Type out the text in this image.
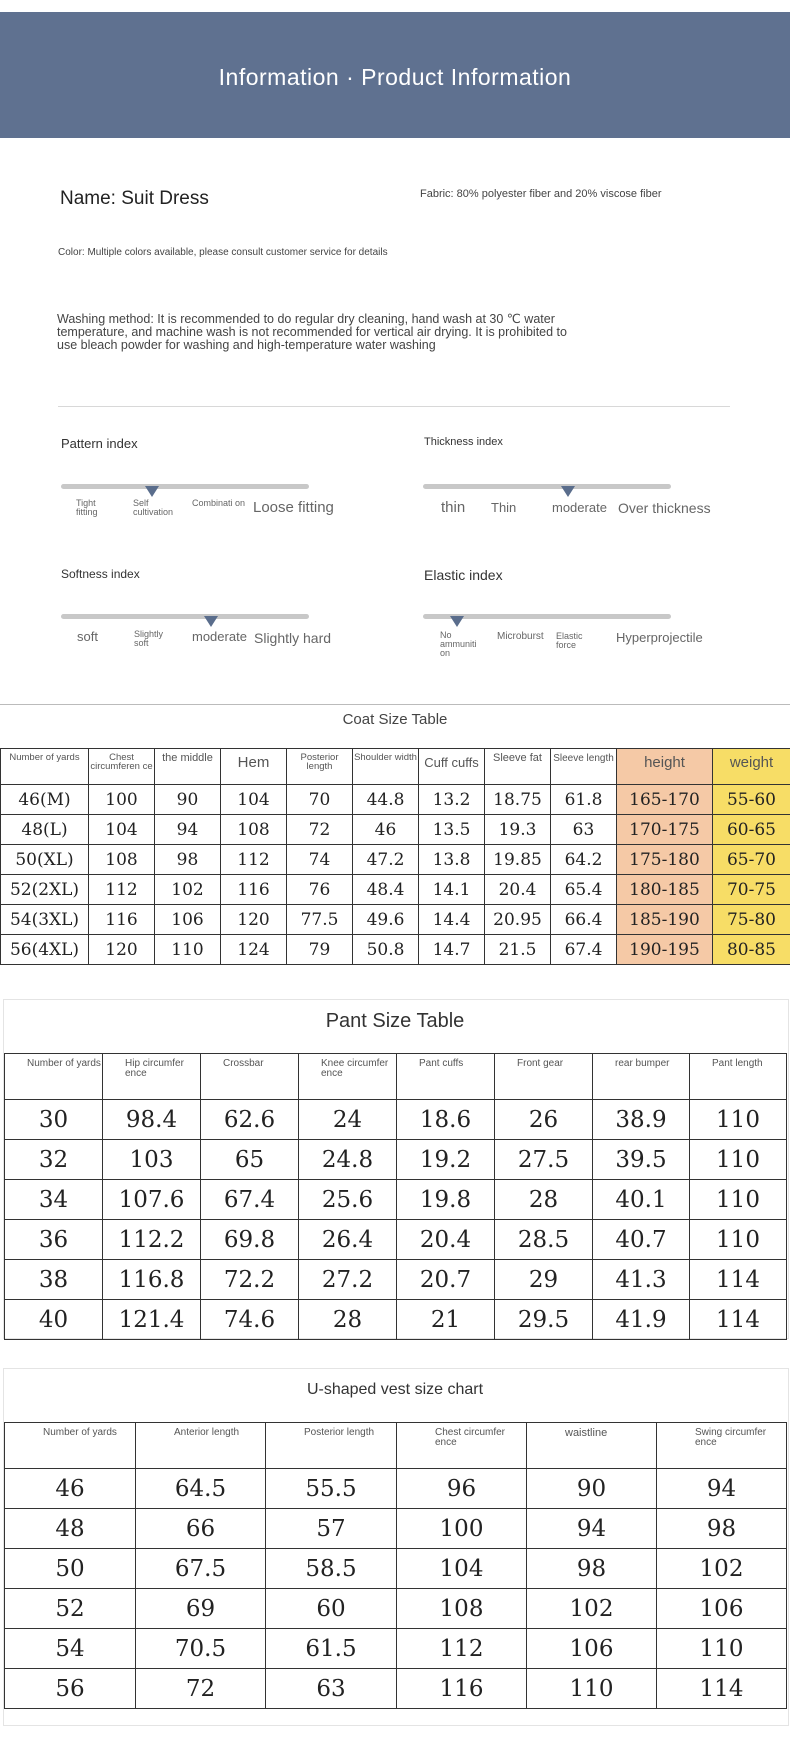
Information · Product Information
Name: Suit Dress	Fabric: 80% polyester fiber and 20% viscose fiber
Color: Multiple colors available, please consult customer service for details
Washing method: It is recommended to do regular dry cleaning, hand wash at 30 ℃ water temperature, and machine wash is not recommended for vertical air drying. It is prohibited to use bleach powder for washing and high-temperature water washing
Pattern index
Tight fitting
Self cultivation
Combinati on Loose fitting
Thickness index
thin	Thin	moderate Over thickness
Softness index
soft	Slightly soft	moderate Slightly hard
Elastic index
No ammuniti on
Microburst	Elastic force	Hyperprojectile
Coat Size Table
Number of yards	Chest circumferen ce	the middle	Hem	Posterior length	Shoulder width	Cuff cuffs	Sleeve fat	Sleeve length	height	weight
46(M)	100	90	104	70	44.8	13.2	18.75	61.8	165-170	55-60
48(L)	104	94	108	72	46	13.5	19.3	63	170-175	60-65
50(XL)	108	98	112	74	47.2	13.8	19.85	64.2	175-180	65-70
52(2XL)	112	102	116	76	48.4	14.1	20.4	65.4	180-185	70-75
54(3XL)	116	106	120	77.5	49.6	14.4	20.95	66.4	185-190	75-80
56(4XL)	120	110	124	79	50.8	14.7	21.5	67.4	190-195	80-85
Pant Size Table
Number of yards	Hip circumfer ence	Crossbar	Knee circumfer ence	Pant cuffs	Front gear	rear bumper	Pant length
30	98.4	62.6	24	18.6	26	38.9	110
32	103	65	24.8	19.2	27.5	39.5	110
34	107.6	67.4	25.6	19.8	28	40.1	110
36	112.2	69.8	26.4	20.4	28.5	40.7	110
38	116.8	72.2	27.2	20.7	29	41.3	114
40	121.4	74.6	28	21	29.5	41.9	114
U-shaped vest size chart
Number of yards	Anterior length	Posterior length	Chest circumfer ence	waistline	Swing circumfer ence
46	64.5	55.5	96	90	94
48	66	57	100	94	98
50	67.5	58.5	104	98	102
52	69	60	108	102	106
54	70.5	61.5	112	106	110
56	72	63	116	110	114
